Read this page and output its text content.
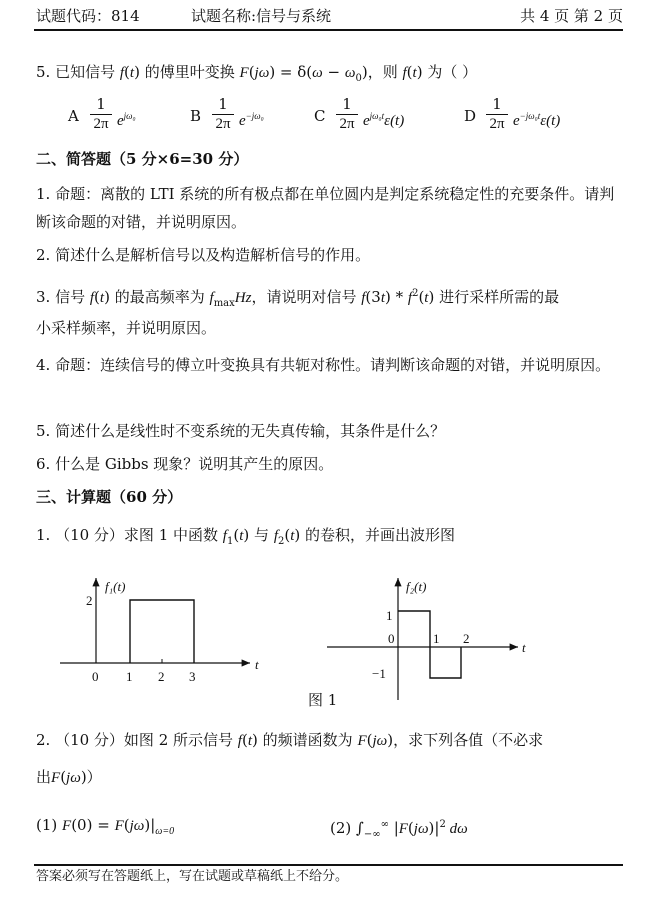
试题代码：814	试题名称:信号与系统	共 4 页 第 2 页
5. 已知信号 f(t) 的傅里叶变换 $F(j\omega) = \delta(\omega - \omega_0)$，则 f(t) 为（ ）
A
1
2π $e^{j\omega_0}$	B
1
2π $e^{-j\omega_0}$	C
1
2π $e^{j\omega_0t}\varepsilon(t)$	D
1
2π $e^{-j\omega_0t}\varepsilon(t)$
二、简答题（5 分×6=30 分）
1. 命题：离散的 LTI 系统的所有极点都在单位圆内是判定系统稳定性的充要条件。请判断该命题的对错，并说明原因。
2. 简述什么是解析信号以及构造解析信号的作用。
3. 信号 f(t) 的最高频率为 $f_{max}Hz$，请说明对信号 $f(3t) * f^2(t)$ 进行采样所需的最
小采样频率，并说明原因。
4. 命题：连续信号的傅立叶变换具有共轭对称性。请判断该命题的对错，并说明原因。
5. 简述什么是线性时不变系统的无失真传输，其条件是什么？
6. 什么是 Gibbs 现象？说明其产生的原因。
三、计算题（60 分）
1. （10 分）求图 1 中函数 $f_1(t)$ 与 $f_2(t)$ 的卷积，并画出波形图
f₁(t)
2
0 1 2 3
t
f₂(t)
1
−1
0	1 2
t
图 1
2. （10 分）如图 2 所示信号 f(t) 的频谱函数为 F(jω)，求下列各值（不必求
出F(jω)）
(1) $F(0) = F(j\omega)|_{\omega=0}$	(2) $\int_{-\infty}^\infty$ $|F(j\omega)|^2$ dω
答案必须写在答题纸上，写在试题或草稿纸上不给分。
